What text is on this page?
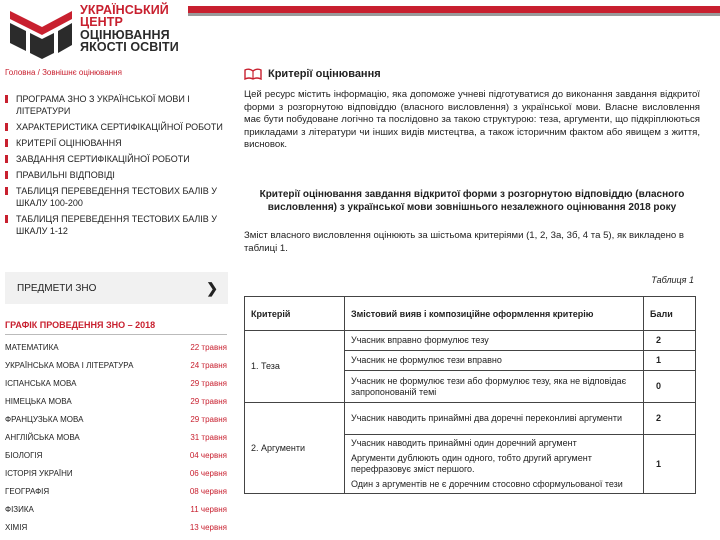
УКРАЇНСЬКИЙ
ЦЕНТР
ОЦІНЮВАННЯ
ЯКОСТІ ОСВІТИ
Головна / Зовнішнє оцінювання
ПРОГРАМА ЗНО З УКРАЇНСЬКОЇ МОВИ І ЛІТЕРАТУРИ
ХАРАКТЕРИСТИКА СЕРТИФІКАЦІЙНОЇ РОБОТИ
КРИТЕРІЇ ОЦІНЮВАННЯ
ЗАВДАННЯ СЕРТИФІКАЦІЙНОЇ РОБОТИ
ПРАВИЛЬНІ ВІДПОВІДІ
ТАБЛИЦЯ ПЕРЕВЕДЕННЯ ТЕСТОВИХ БАЛІВ У ШКАЛУ 100-200
ТАБЛИЦЯ ПЕРЕВЕДЕННЯ ТЕСТОВИХ БАЛІВ У ШКАЛУ 1-12
ПРЕДМЕТИ ЗНО	❯
ГРАФІК ПРОВЕДЕННЯ ЗНО – 2018
МАТЕМАТИКА	22 травня
УКРАЇНСЬКА МОВА І ЛІТЕРАТУРА	24 травня
ІСПАНСЬКА МОВА	29 травня
НІМЕЦЬКА МОВА	29 травня
ФРАНЦУЗЬКА МОВА	29 травня
АНГЛІЙСЬКА МОВА	31 травня
БІОЛОГІЯ	04 червня
ІСТОРІЯ УКРАЇНИ	06 червня
ГЕОГРАФІЯ	08 червня
ФІЗИКА	11 червня
ХІМІЯ	13 червня
Критерії оцінювання

Цей ресурс містить інформацію, яка допоможе учневі підготуватися до виконання завдання відкритої форми з розгорнутою відповіддю (власного висловлення) з української мови. Власне висловлення має бути побудоване логічно та послідовно за такою структурою: теза, аргументи, що підкріплюються прикладами з літератури чи інших видів мистецтва, а також історичним фактом або явищем з життя, висновок.

Критерії оцінювання завдання відкритої форми з розгорнутою відповіддю (власного висловлення) з української мови зовнішнього незалежного оцінювання 2018 року

Зміст власного висловлення оцінюють за шістьома критеріями (1, 2, 3а, 3б, 4 та 5), як викладено в таблиці 1.

Таблиця 1
Критерій	Змістовий вияв і композиційне оформлення критерію	Бали
1. Теза	Учасник вправно формулює тезу	2
	Учасник не формулює тези вправно	1
	Учасник не формулює тези або формулює тезу, яка не відповідає запропонованій темі	0
2. Аргументи	Учасник наводить принаймні два доречні переконливі аргументи	2

	Учасник наводить принаймні один доречний аргумент
Аргументи дублюють один одного, тобто другий аргумент перефразовує зміст першого.
Один з аргументів не є доречним стосовно сформульованої тези	1
